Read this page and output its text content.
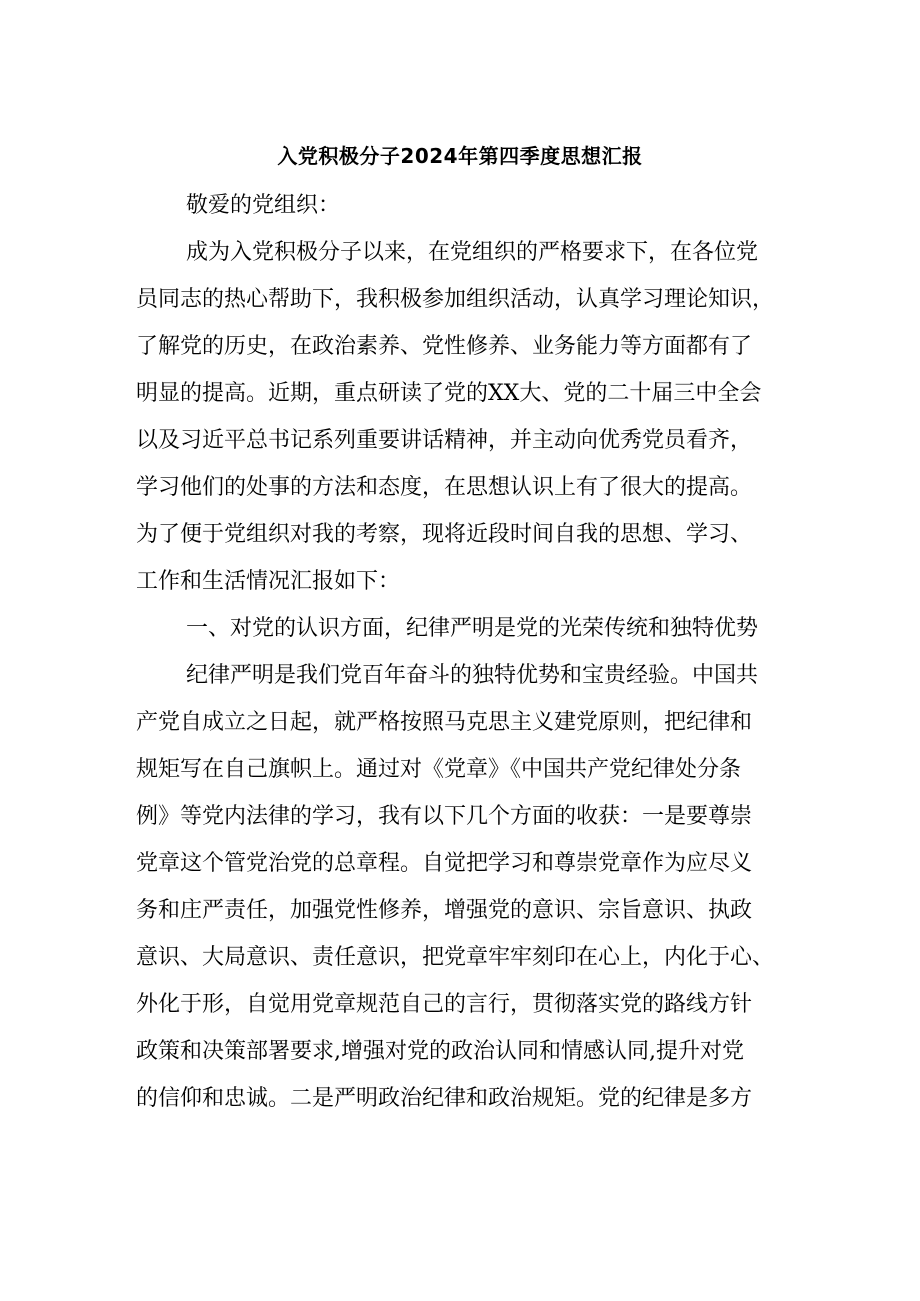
入党积极分子2024年第四季度思想汇报
敬爱的党组织：
成为入党积极分子以来，在党组织的严格要求下，在各位党
员同志的热心帮助下，我积极参加组织活动，认真学习理论知识，
了解党的历史，在政治素养、党性修养、业务能力等方面都有了
明显的提高。近期，重点研读了党的XX大、党的二十届三中全会
以及习近平总书记系列重要讲话精神，并主动向优秀党员看齐，
学习他们的处事的方法和态度，在思想认识上有了很大的提高。
为了便于党组织对我的考察，现将近段时间自我的思想、学习、
工作和生活情况汇报如下：
一、对党的认识方面，纪律严明是党的光荣传统和独特优势
纪律严明是我们党百年奋斗的独特优势和宝贵经验。中国共
产党自成立之日起，就严格按照马克思主义建党原则，把纪律和
规矩写在自己旗帜上。通过对《党章》《中国共产党纪律处分条
例》等党内法律的学习，我有以下几个方面的收获：一是要尊崇
党章这个管党治党的总章程。自觉把学习和尊崇党章作为应尽义
务和庄严责任，加强党性修养，增强党的意识、宗旨意识、执政
意识、大局意识、责任意识，把党章牢牢刻印在心上，内化于心、
外化于形，自觉用党章规范自己的言行，贯彻落实党的路线方针
政策和决策部署要求,增强对党的政治认同和情感认同,提升对党
的信仰和忠诚。二是严明政治纪律和政治规矩。党的纪律是多方
